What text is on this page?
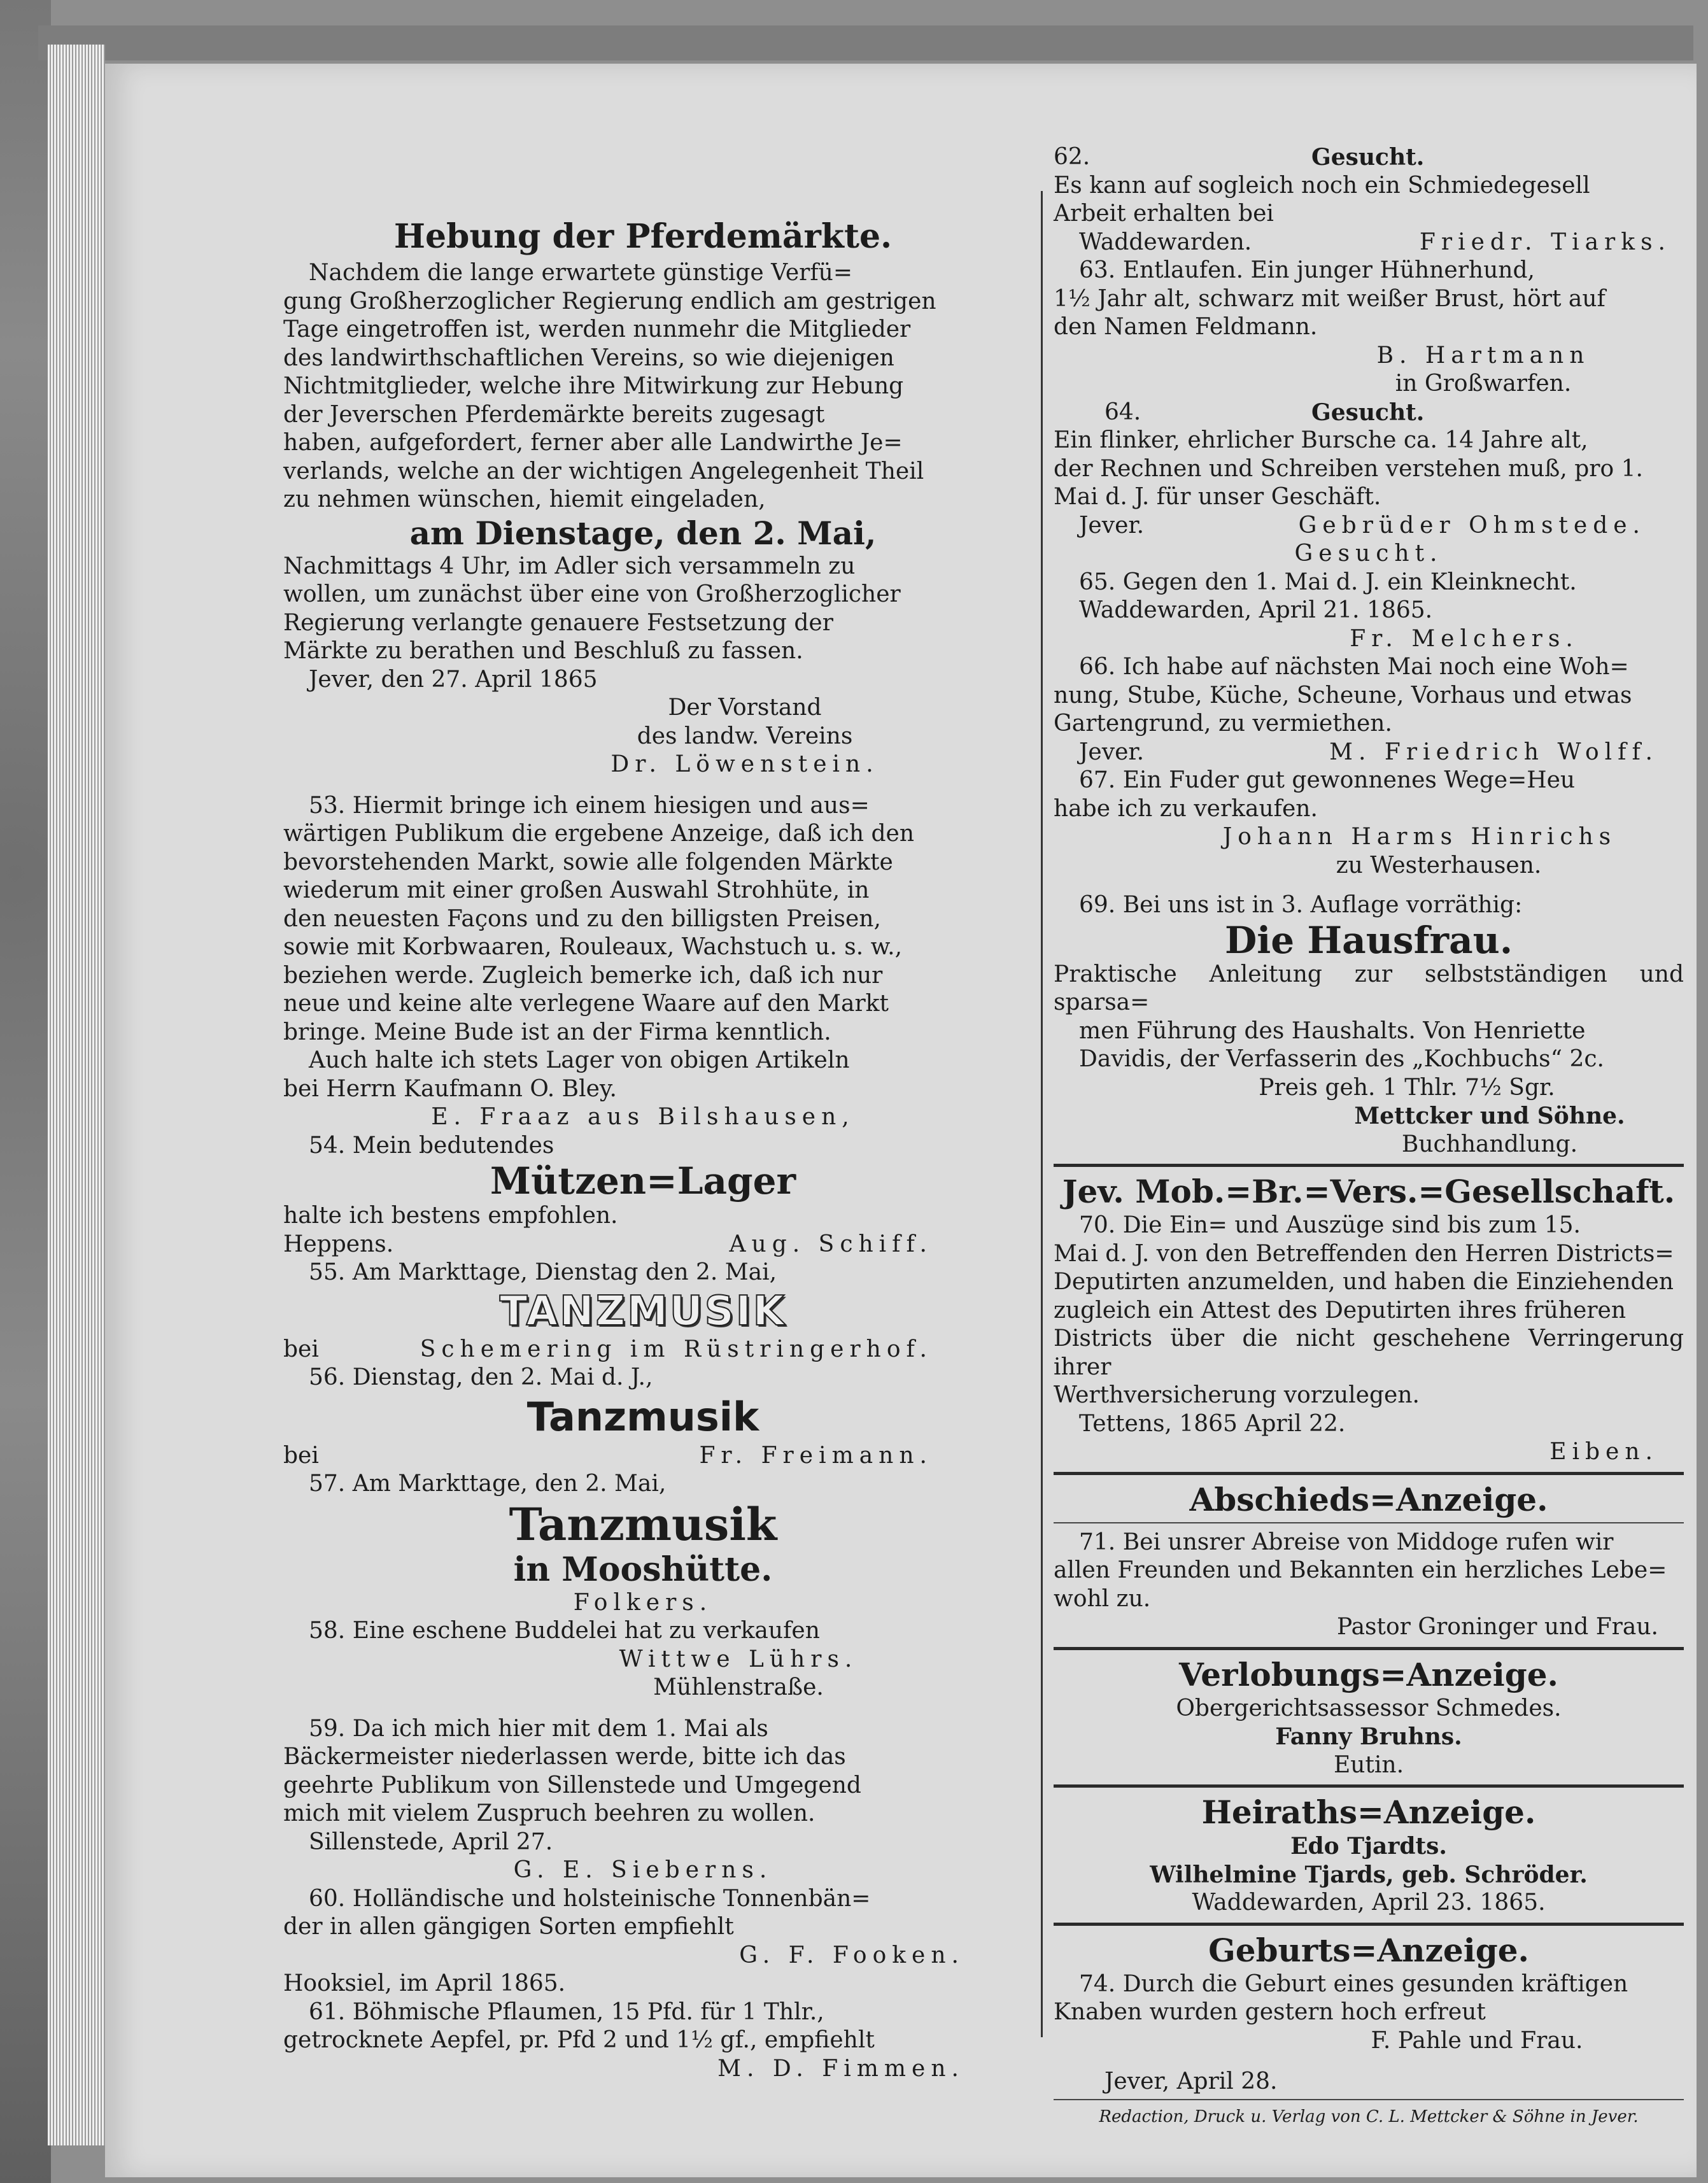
Hebung der Pferdemärkte.

Nachdem die lange erwartete günstige Verfü=

gung Großherzoglicher Regierung endlich am gestrigen

Tage eingetroffen ist, werden nunmehr die Mitglieder

des landwirthschaftlichen Vereins, so wie diejenigen

Nichtmitglieder, welche ihre Mitwirkung zur Hebung

der Jeverschen Pferdemärkte bereits zugesagt

haben, aufgefordert, ferner aber alle Landwirthe Je=

verlands, welche an der wichtigen Angelegenheit Theil

zu nehmen wünschen, hiemit eingeladen,

am Dienstage, den 2. Mai,

Nachmittags 4 Uhr, im Adler sich versammeln zu

wollen, um zunächst über eine von Großherzoglicher

Regierung verlangte genauere Festsetzung der

Märkte zu berathen und Beschluß zu fassen.

Jever, den 27. April 1865

Der Vorstand

des landw. Vereins

Dr. Löwenstein.

53. Hiermit bringe ich einem hiesigen und aus=

wärtigen Publikum die ergebene Anzeige, daß ich den

bevorstehenden Markt, sowie alle folgenden Märkte

wiederum mit einer großen Auswahl Strohhüte, in

den neuesten Façons und zu den billigsten Preisen,

sowie mit Korbwaaren, Rouleaux, Wachstuch u. s. w.,

beziehen werde. Zugleich bemerke ich, daß ich nur

neue und keine alte verlegene Waare auf den Markt

bringe. Meine Bude ist an der Firma kenntlich.

Auch halte ich stets Lager von obigen Artikeln

bei Herrn Kaufmann O. Bley.

E. Fraaz aus Bilshausen,

54. Mein bedutendes

Mützen=Lager

halte ich bestens empfohlen.

Heppens.	Aug. Schiff.

55. Am Markttage, Dienstag den 2. Mai,

TANZMUSIK
bei	Schemering im Rüstringerhof.

56. Dienstag, den 2. Mai d. J.,

Tanzmusik
bei	Fr. Freimann.

57. Am Markttage, den 2. Mai,

Tanzmusik
in Mooshütte.

Folkers.

58. Eine eschene Buddelei hat zu verkaufen

Wittwe Lührs.

Mühlenstraße.

59. Da ich mich hier mit dem 1. Mai als

Bäckermeister niederlassen werde, bitte ich das

geehrte Publikum von Sillenstede und Umgegend

mich mit vielem Zuspruch beehren zu wollen.

Sillenstede, April 27.

G. E. Sieberns.

60. Holländische und holsteinische Tonnenbän=

der in allen gängigen Sorten empfiehlt

G. F. Fooken.

Hooksiel, im April 1865.

61. Böhmische Pflaumen, 15 Pfd. für 1 Thlr.,

getrocknete Aepfel, pr. Pfd 2 und 1½ gf., empfiehlt

M. D. Fimmen.

62.	Gesucht.

Es kann auf sogleich noch ein Schmiedegesell

Arbeit erhalten bei

Waddewarden.	Friedr. Tiarks.

63. Entlaufen. Ein junger Hühnerhund,

1½ Jahr alt, schwarz mit weißer Brust, hört auf

den Namen Feldmann.

B. Hartmann

in Großwarfen.

64.	Gesucht.

Ein flinker, ehrlicher Bursche ca. 14 Jahre alt,

der Rechnen und Schreiben verstehen muß, pro 1.

Mai d. J. für unser Geschäft.

Jever.	Gebrüder Ohmstede.

Gesucht.

65. Gegen den 1. Mai d. J. ein Kleinknecht.

Waddewarden, April 21. 1865.

Fr. Melchers.

66. Ich habe auf nächsten Mai noch eine Woh=

nung, Stube, Küche, Scheune, Vorhaus und etwas

Gartengrund, zu vermiethen.

Jever.	M. Friedrich Wolff.

67. Ein Fuder gut gewonnenes Wege=Heu

habe ich zu verkaufen.

Johann Harms Hinrichs

zu Westerhausen.

69. Bei uns ist in 3. Auflage vorräthig:

Die Hausfrau.

Praktische Anleitung zur selbstständigen und sparsa=

men Führung des Haushalts. Von Henriette

Davidis, der Verfasserin des „Kochbuchs“ 2c.

Preis geh. 1 Thlr. 7½ Sgr.

Mettcker und Söhne.

Buchhandlung.

Jev. Mob.=Br.=Vers.=Gesellschaft.

70. Die Ein= und Auszüge sind bis zum 15.

Mai d. J. von den Betreffenden den Herren Districts=

Deputirten anzumelden, und haben die Einziehenden

zugleich ein Attest des Deputirten ihres früheren

Districts über die nicht geschehene Verringerung ihrer

Werthversicherung vorzulegen.

Tettens, 1865 April 22.

Eiben.

Abschieds=Anzeige.

71. Bei unsrer Abreise von Middoge rufen wir

allen Freunden und Bekannten ein herzliches Lebe=

wohl zu.

Pastor Groninger und Frau.

Verlobungs=Anzeige.

Obergerichtsassessor Schmedes.

Fanny Bruhns.

Eutin.

Heiraths=Anzeige.

Edo Tjardts.

Wilhelmine Tjards, geb. Schröder.

Waddewarden, April 23. 1865.

Geburts=Anzeige.

74. Durch die Geburt eines gesunden kräftigen

Knaben wurden gestern hoch erfreut

F. Pahle und Frau.

Jever, April 28.

Redaction, Druck u. Verlag von C. L. Mettcker & Söhne in Jever.
